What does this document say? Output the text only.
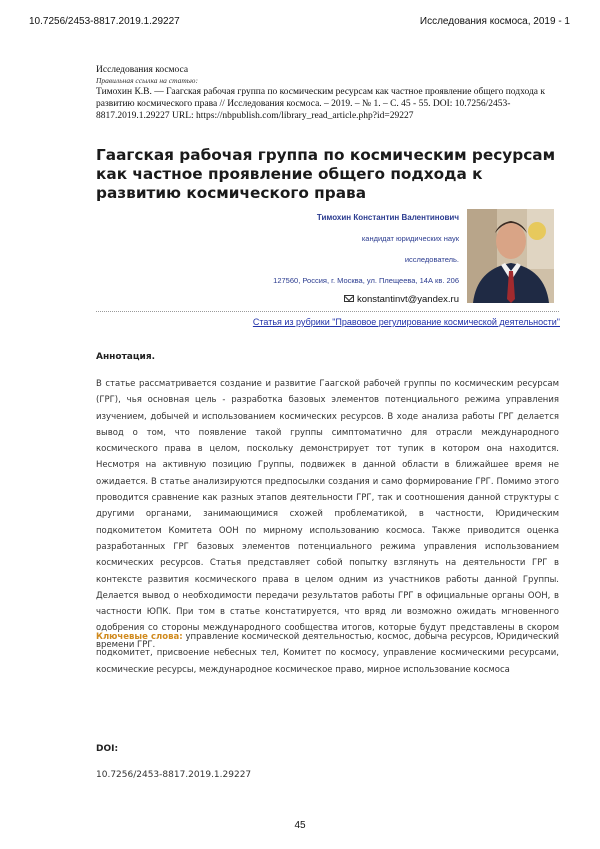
10.7256/2453-8817.2019.1.29227	Исследования космоса, 2019 - 1
Исследования космоса
Правильная ссылка на статью:
Тимохин К.В. — Гаагская рабочая группа по космическим ресурсам как частное проявление общего подхода к развитию космического права // Исследования космоса. – 2019. – № 1. – С. 45 - 55. DOI: 10.7256/2453-8817.2019.1.29227 URL: https://nbpublish.com/library_read_article.php?id=29227
Гаагская рабочая группа по космическим ресурсам как частное проявление общего подхода к развитию космического права
Тимохин Константин Валентинович
кандидат юридических наук
исследователь.
127560, Россия, г. Москва, ул. Плещеева, 14А кв. 206
konstantinvt@yandex.ru
Статья из рубрики "Правовое регулирование космической деятельности"
Аннотация.

В статье рассматривается создание и развитие Гаагской рабочей группы по космическим ресурсам (ГРГ), чья основная цель - разработка базовых элементов потенциального режима управления изучением, добычей и использованием космических ресурсов. В ходе анализа работы ГРГ делается вывод о том, что появление такой группы симптоматично для отрасли международного космического права в целом, поскольку демонстрирует тот тупик в котором она находится. Несмотря на активную позицию Группы, подвижек в данной области в ближайшее время не ожидается. В статье анализируются предпосылки создания и само формирование ГРГ. Помимо этого проводится сравнение как разных этапов деятельности ГРГ, так и соотношения данной структуры с другими органами, занимающимися схожей проблематикой, в частности, Юридическим подкомитетом Комитета ООН по мирному использованию космоса. Также приводится оценка разработанных ГРГ базовых элементов потенциального режима управления использованием космических ресурсов. Статья представляет собой попытку взглянуть на деятельности ГРГ в контексте развития космического права в целом одним из участников работы данной Группы. Делается вывод о необходимости передачи результатов работы ГРГ в официальные органы ООН, в частности ЮПК. При том в статье констатируется, что вряд ли возможно ожидать мгновенного одобрения со стороны международного сообщества итогов, которые будут представлены в скором времени ГРГ.

Ключевые слова: управление космической деятельностью, космос, добыча ресурсов, Юридический подкомитет, присвоение небесных тел, Комитет по космосу, управление космическими ресурсами, космические ресурсы, международное космическое право, мирное использование космоса

DOI:
10.7256/2453-8817.2019.1.29227
45
